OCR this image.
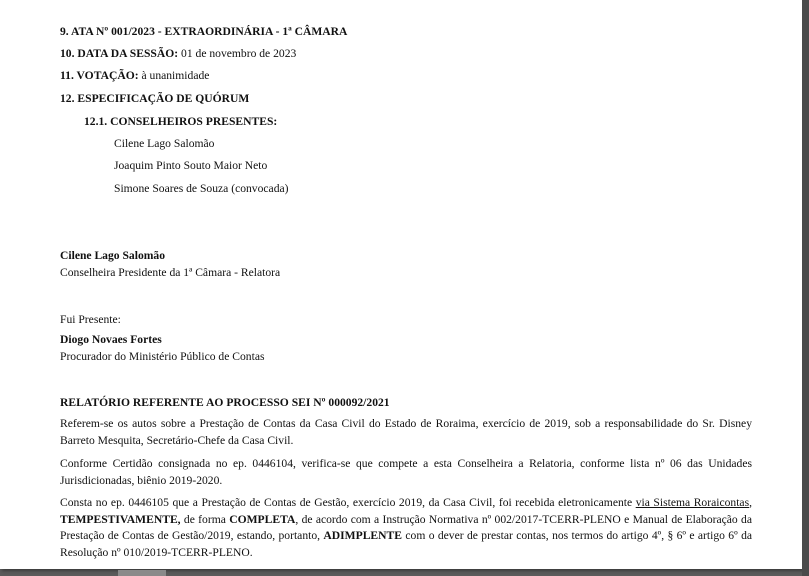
9. ATA Nº 001/2023 - EXTRAORDINÁRIA - 1ª CÂMARA
10. DATA DA SESSÃO: 01 de novembro de 2023
11. VOTAÇÃO: à unanimidade
12. ESPECIFICAÇÃO DE QUÓRUM
12.1. CONSELHEIROS PRESENTES:
Cilene Lago Salomão
Joaquim Pinto Souto Maior Neto
Simone Soares de Souza (convocada)
Cilene Lago Salomão
Conselheira Presidente da 1ª Câmara - Relatora
Fui Presente:
Diogo Novaes Fortes
Procurador do Ministério Público de Contas
RELATÓRIO REFERENTE AO PROCESSO SEI Nº 000092/2021
Referem-se os autos sobre a Prestação de Contas da Casa Civil do Estado de Roraima, exercício de 2019, sob a responsabilidade do Sr. Disney Barreto Mesquita, Secretário-Chefe da Casa Civil.
Conforme Certidão consignada no ep. 0446104, verifica-se que compete a esta Conselheira a Relatoria, conforme lista nº 06 das Unidades Jurisdicionadas, biênio 2019-2020.
Consta no ep. 0446105 que a Prestação de Contas de Gestão, exercício 2019, da Casa Civil, foi recebida eletronicamente via Sistema Roraicontas, TEMPESTIVAMENTE, de forma COMPLETA, de acordo com a Instrução Normativa nº 002/2017-TCERR-PLENO e Manual de Elaboração da Prestação de Contas de Gestão/2019, estando, portanto, ADIMPLENTE com o dever de prestar contas, nos termos do artigo 4º, § 6º e artigo 6º da Resolução nº 010/2019-TCERR-PLENO.
